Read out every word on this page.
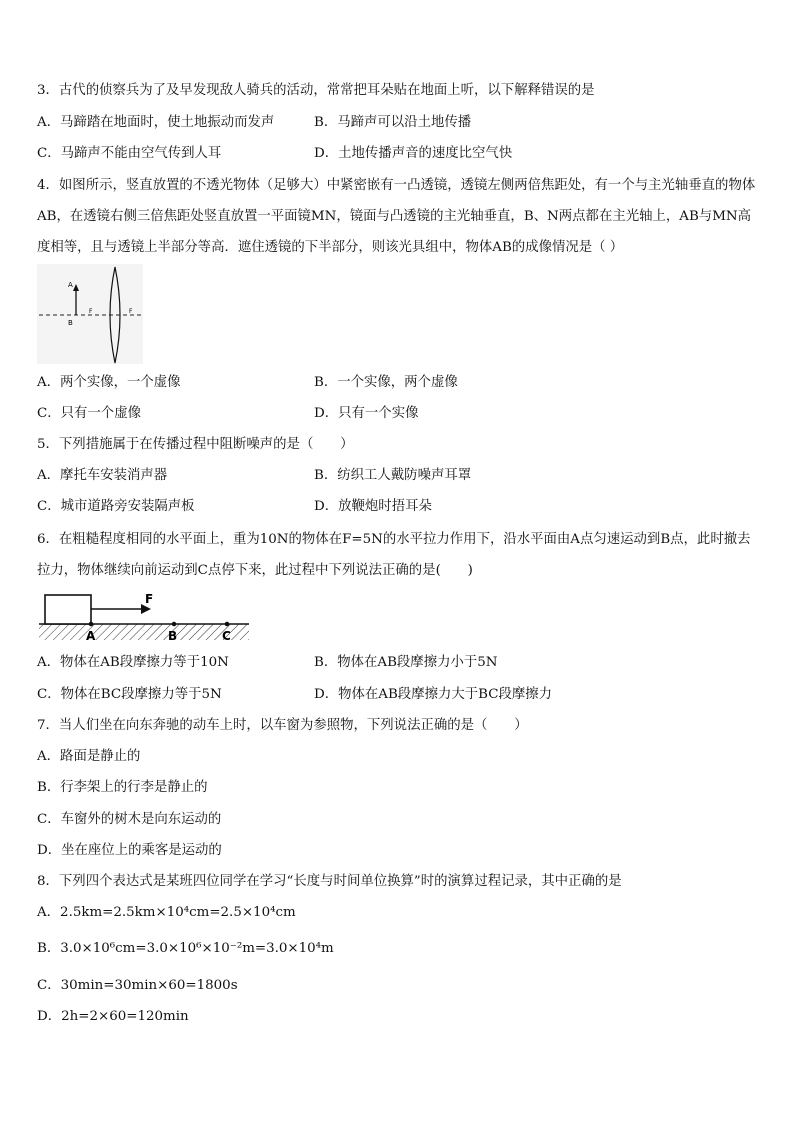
3．古代的侦察兵为了及早发现敌人骑兵的活动，常常把耳朵贴在地面上听，以下解释错误的是
A．马蹄踏在地面时，使土地振动而发声	B．马蹄声可以沿土地传播
C．马蹄声不能由空气传到人耳	D．土地传播声音的速度比空气快
4．如图所示，竖直放置的不透光物体（足够大）中紧密嵌有一凸透镜，透镜左侧两倍焦距处，有一个与主光轴垂直的物体AB，在透镜右侧三倍焦距处竖直放置一平面镜MN，镜面与凸透镜的主光轴垂直，B、N两点都在主光轴上，AB与MN高度相等，且与透镜上半部分等高．遮住透镜的下半部分，则该光具组中，物体AB的成像情况是（ ）
A
B
F	F
A．两个实像，一个虚像	B．一个实像，两个虚像
C．只有一个虚像	D．只有一个实像
5．下列措施属于在传播过程中阻断噪声的是（　　）
A．摩托车安装消声器	B．纺织工人戴防噪声耳罩
C．城市道路旁安装隔声板	D．放鞭炮时捂耳朵
6．在粗糙程度相同的水平面上，重为10N的物体在F=5N的水平拉力作用下，沿水平面由A点匀速运动到B点，此时撤去拉力，物体继续向前运动到C点停下来，此过程中下列说法正确的是(　　)
F
A	B	C
A．物体在AB段摩擦力等于10N	B．物体在AB段摩擦力小于5N
C．物体在BC段摩擦力等于5N	D．物体在AB段摩擦力大于BC段摩擦力
7．当人们坐在向东奔驰的动车上时，以车窗为参照物，下列说法正确的是（　　）
A．路面是静止的
B．行李架上的行李是静止的
C．车窗外的树木是向东运动的
D．坐在座位上的乘客是运动的
8．下列四个表达式是某班四位同学在学习“长度与时间单位换算”时的演算过程记录，其中正确的是
A．2.5km=2.5km×10⁴cm=2.5×10⁴cm
B．3.0×10⁶cm=3.0×10⁶×10⁻²m=3.0×10⁴m
C．30min=30min×60=1800s
D．2h=2×60=120min
